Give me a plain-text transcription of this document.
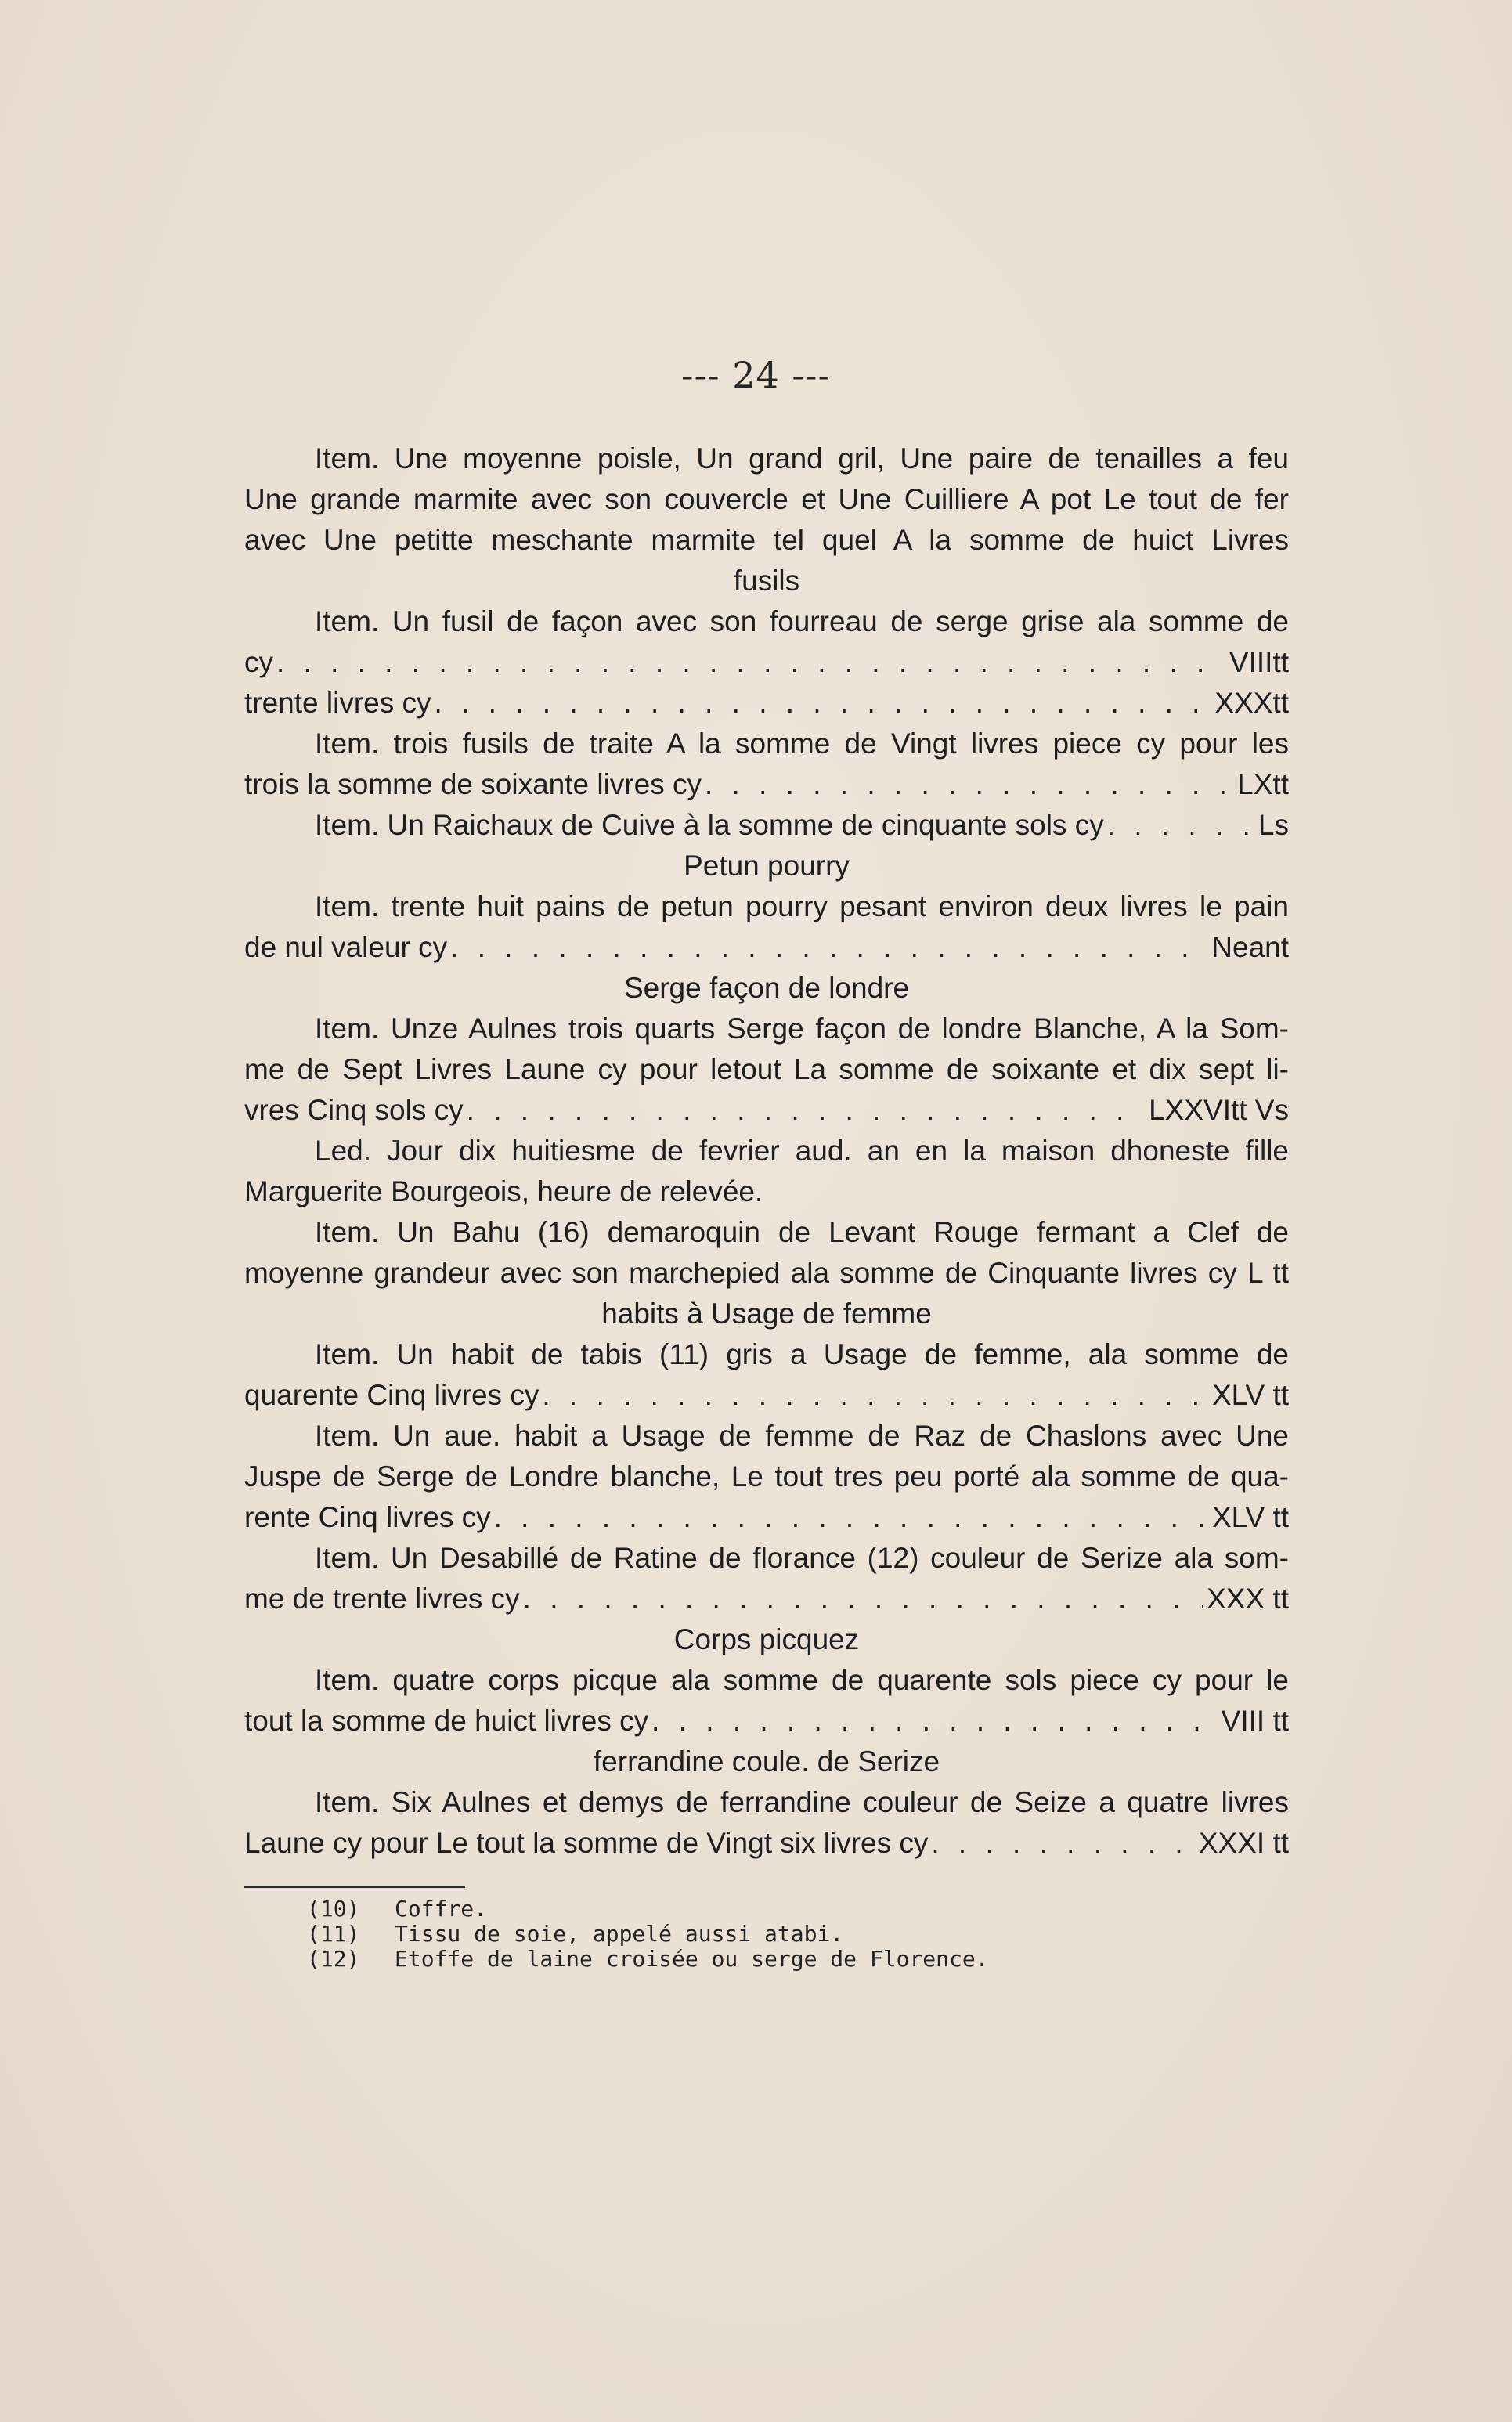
--- 24 ---
Item. Une moyenne poisle, Un grand gril, Une paire de tenailles a feu
Une grande marmite avec son couvercle et Une Cuilliere A pot Le tout de fer
avec Une petitte meschante marmite tel quel A la somme de huict Livres
fusils
Item. Un fusil de façon avec son fourreau de serge grise ala somme de
cy . . .	VIIItt
trente livres cy . . .	XXXtt
Item. trois fusils de traite A la somme de Vingt livres piece cy pour les
trois la somme de soixante livres cy . . .	LXtt
Item. Un Raichaux de Cuive à la somme de cinquante sols cy . . .	Ls
Petun pourry
Item. trente huit pains de petun pourry pesant environ deux livres le pain
de nul valeur cy . . .	Neant
Serge façon de londre
Item. Unze Aulnes trois quarts Serge façon de londre Blanche, A la Som-
me de Sept Livres Laune cy pour letout La somme de soixante et dix sept li-
vres Cinq sols cy . . .	LXXVItt Vs
Led. Jour dix huitiesme de fevrier aud. an en la maison dhoneste fille
Marguerite Bourgeois, heure de relevée.
Item. Un Bahu (16) demaroquin de Levant Rouge fermant a Clef de
moyenne grandeur avec son marchepied ala somme de Cinquante livres cy L tt
habits à Usage de femme
Item. Un habit de tabis (11) gris a Usage de femme, ala somme de
quarente Cinq livres cy . . .	XLV tt
Item. Un aue. habit a Usage de femme de Raz de Chaslons avec Une
Juspe de Serge de Londre blanche, Le tout tres peu porté ala somme de qua-
rente Cinq livres cy . . .	XLV tt
Item. Un Desabillé de Ratine de florance (12) couleur de Serize ala som-
me de trente livres cy . . .	XXX tt
Corps picquez
Item. quatre corps picque ala somme de quarente sols piece cy pour le
tout la somme de huict livres cy . . .	VIII tt
ferrandine coule. de Serize
Item. Six Aulnes et demys de ferrandine couleur de Seize a quatre livres
Laune cy pour Le tout la somme de Vingt six livres cy . . .	XXXI tt
(10)	Coffre.
(11)	Tissu de soie, appelé aussi atabi.
(12)	Etoffe de laine croisée ou serge de Florence.
